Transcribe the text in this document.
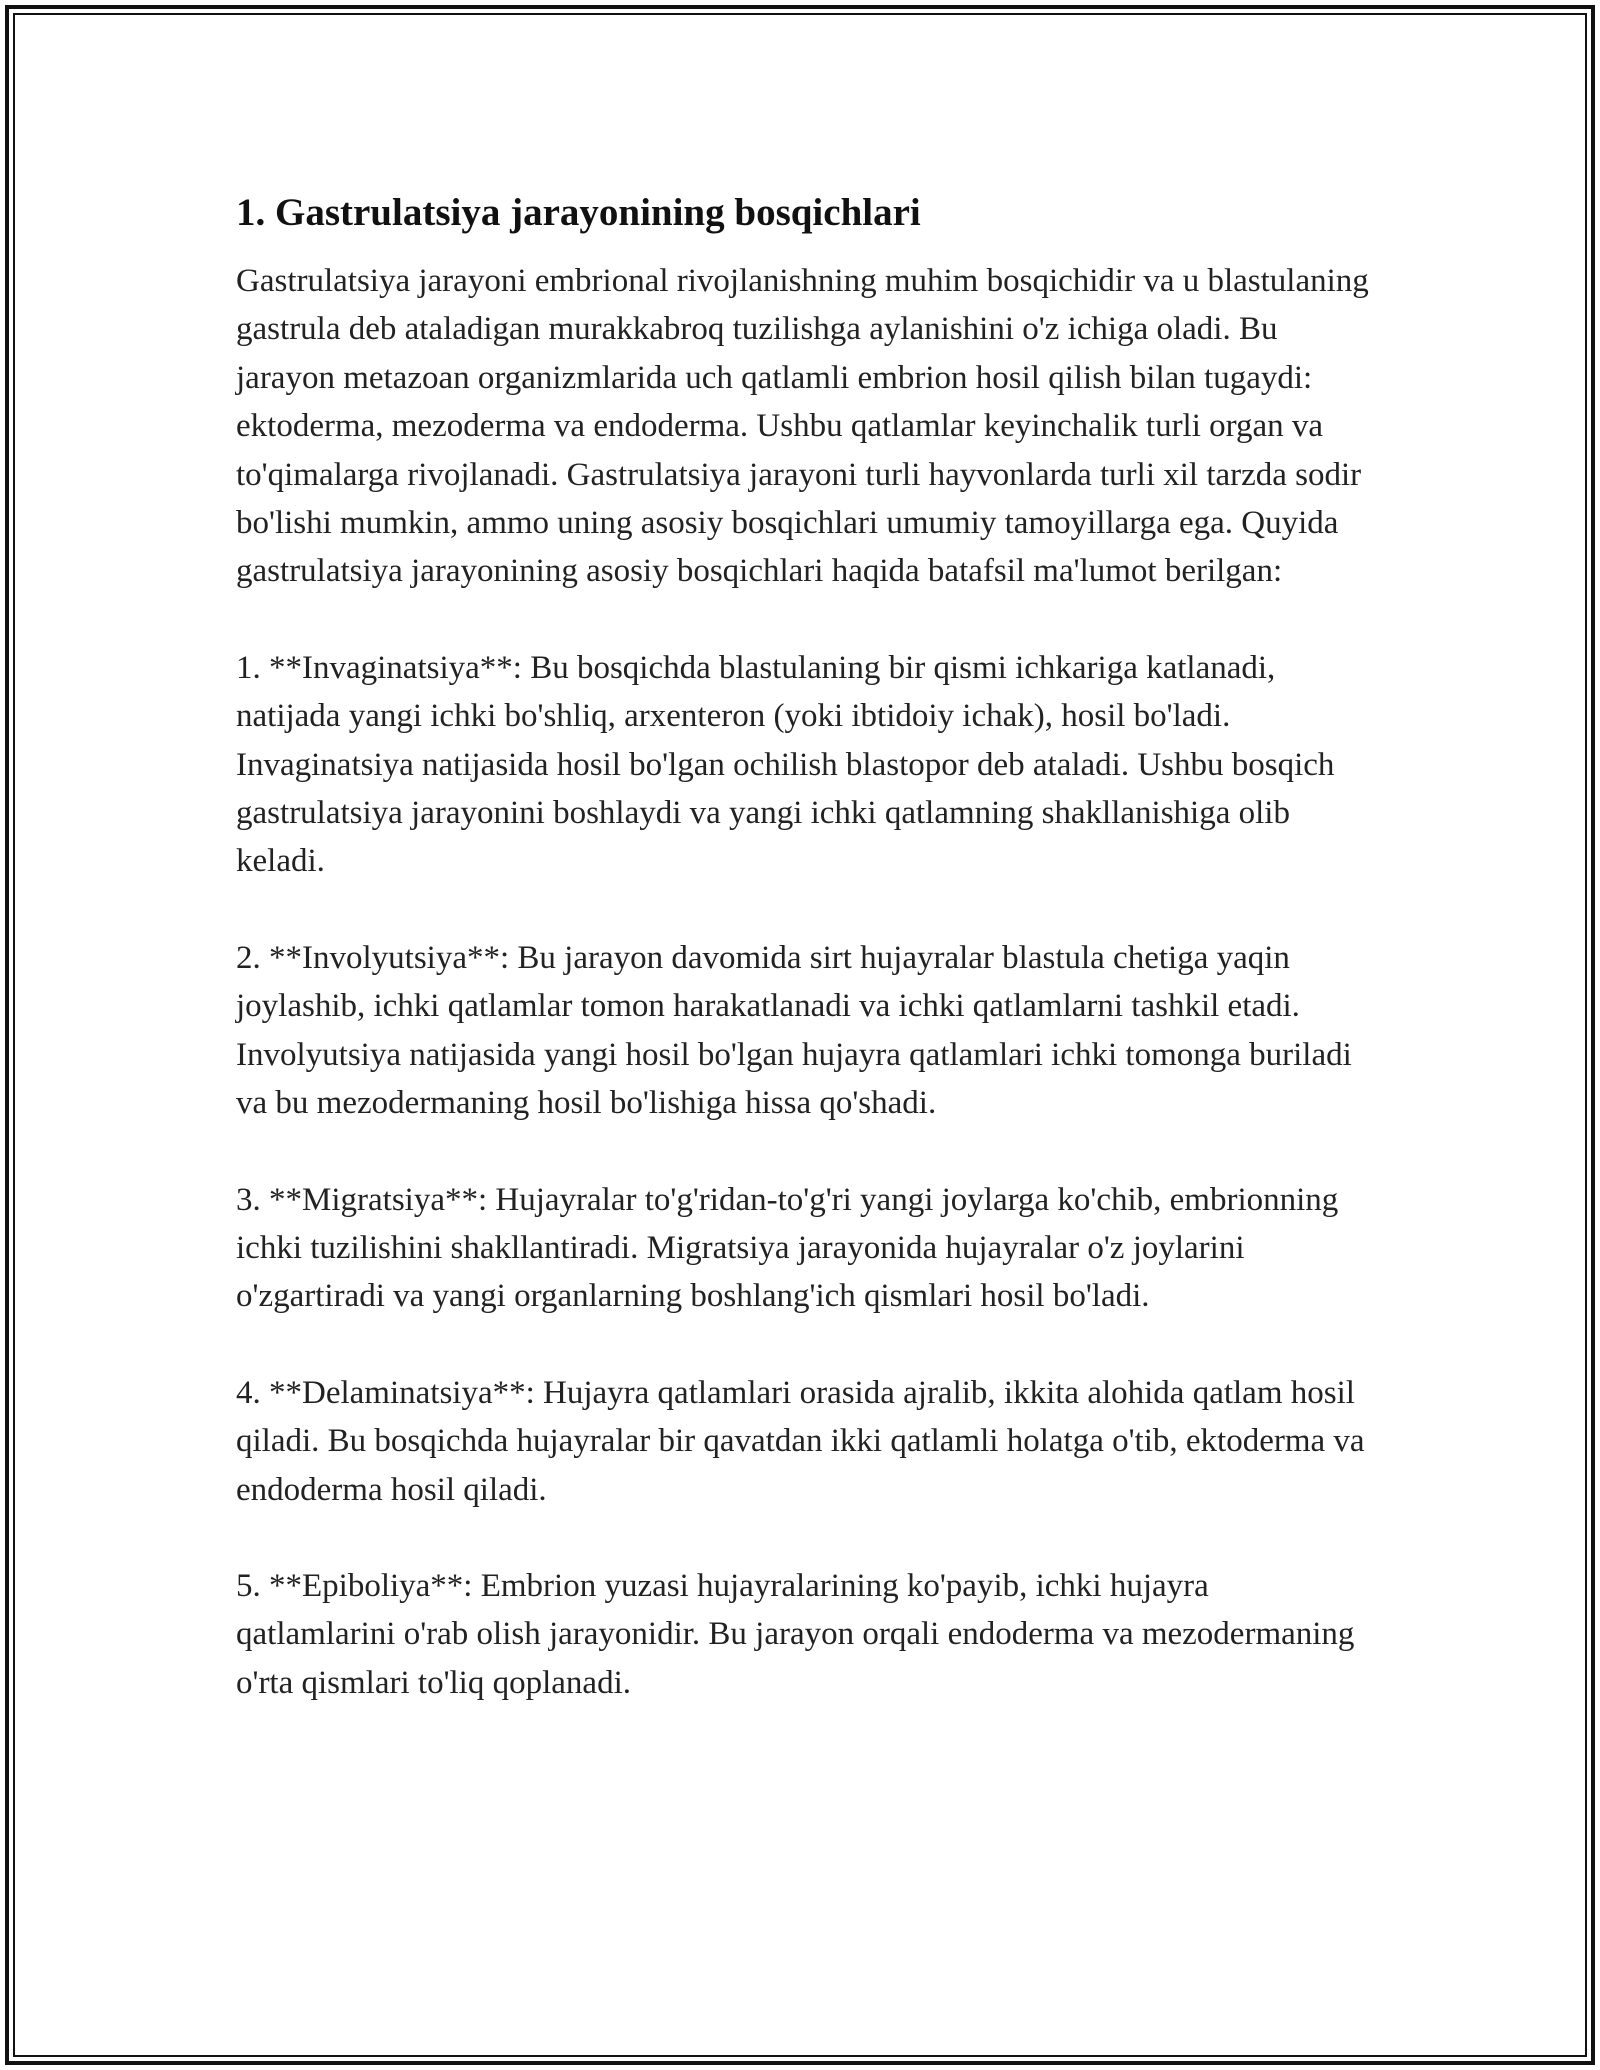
1. Gastrulatsiya jarayonining bosqichlari

Gastrulatsiya jarayoni embrional rivojlanishning muhim bosqichidir va u blastulaning gastrula deb ataladigan murakkabroq tuzilishga aylanishini o'z ichiga oladi. Bu jarayon metazoan organizmlarida uch qatlamli embrion hosil qilish bilan tugaydi: ektoderma, mezoderma va endoderma. Ushbu qatlamlar keyinchalik turli organ va to'qimalarga rivojlanadi. Gastrulatsiya jarayoni turli hayvonlarda turli xil tarzda sodir bo'lishi mumkin, ammo uning asosiy bosqichlari umumiy tamoyillarga ega. Quyida gastrulatsiya jarayonining asosiy bosqichlari haqida batafsil ma'lumot berilgan:

1. **Invaginatsiya**: Bu bosqichda blastulaning bir qismi ichkariga katlanadi, natijada yangi ichki bo'shliq, arxenteron (yoki ibtidoiy ichak), hosil bo'ladi. Invaginatsiya natijasida hosil bo'lgan ochilish blastopor deb ataladi. Ushbu bosqich gastrulatsiya jarayonini boshlaydi va yangi ichki qatlamning shakllanishiga olib keladi.

2. **Involyutsiya**: Bu jarayon davomida sirt hujayralar blastula chetiga yaqin joylashib, ichki qatlamlar tomon harakatlanadi va ichki qatlamlarni tashkil etadi. Involyutsiya natijasida yangi hosil bo'lgan hujayra qatlamlari ichki tomonga buriladi va bu mezodermaning hosil bo'lishiga hissa qo'shadi.

3. **Migratsiya**: Hujayralar to'g'ridan-to'g'ri yangi joylarga ko'chib, embrionning ichki tuzilishini shakllantiradi. Migratsiya jarayonida hujayralar o'z joylarini o'zgartiradi va yangi organlarning boshlang'ich qismlari hosil bo'ladi.

4. **Delaminatsiya**: Hujayra qatlamlari orasida ajralib, ikkita alohida qatlam hosil qiladi. Bu bosqichda hujayralar bir qavatdan ikki qatlamli holatga o'tib, ektoderma va endoderma hosil qiladi.

5. **Epiboliya**: Embrion yuzasi hujayralarining ko'payib, ichki hujayra qatlamlarini o'rab olish jarayonidir. Bu jarayon orqali endoderma va mezodermaning o'rta qismlari to'liq qoplanadi.
